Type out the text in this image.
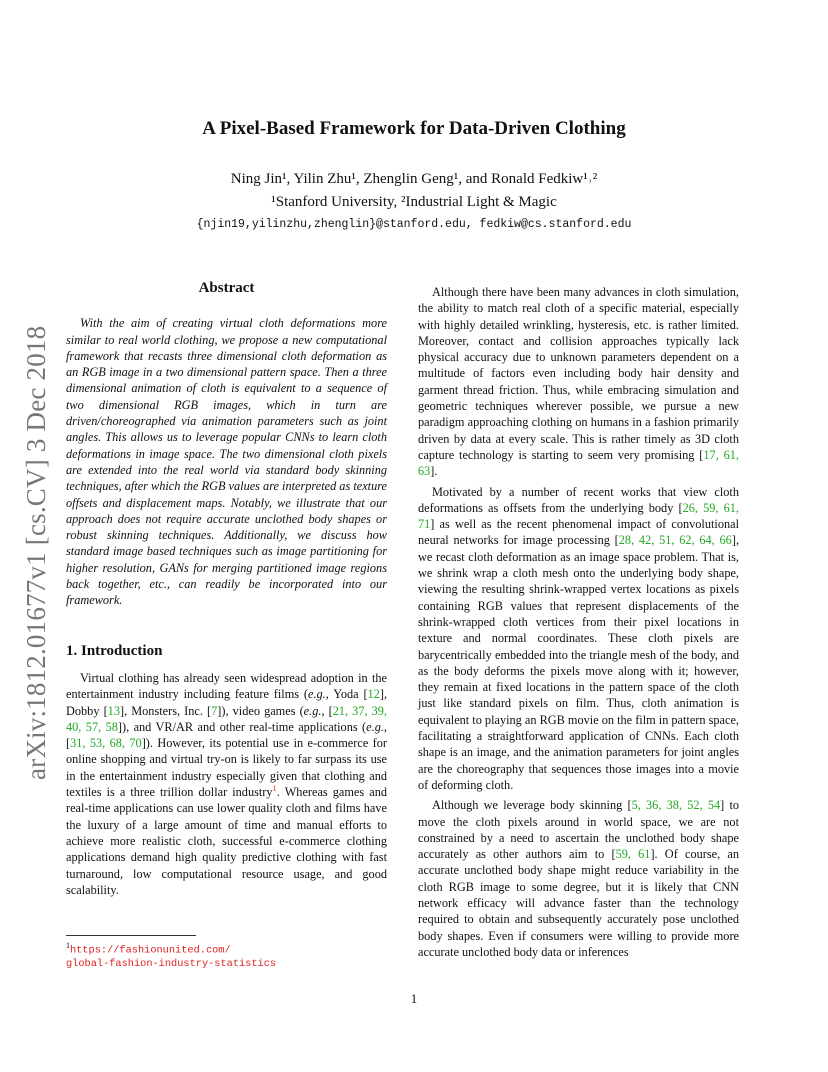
arXiv:1812.01677v1 [cs.CV] 3 Dec 2018
A Pixel-Based Framework for Data-Driven Clothing
Ning Jin¹, Yilin Zhu¹, Zhenglin Geng¹, and Ronald Fedkiw¹˒²
¹Stanford University, ²Industrial Light & Magic
{njin19,yilinzhu,zhenglin}@stanford.edu, fedkiw@cs.stanford.edu
Abstract

With the aim of creating virtual cloth deformations more similar to real world clothing, we propose a new computational framework that recasts three dimensional cloth deformation as an RGB image in a two dimensional pattern space. Then a three dimensional animation of cloth is equivalent to a sequence of two dimensional RGB images, which in turn are driven/choreographed via animation parameters such as joint angles. This allows us to leverage popular CNNs to learn cloth deformations in image space. The two dimensional cloth pixels are extended into the real world via standard body skinning techniques, after which the RGB values are interpreted as texture offsets and displacement maps. Notably, we illustrate that our approach does not require accurate unclothed body shapes or robust skinning techniques. Additionally, we discuss how standard image based techniques such as image partitioning for higher resolution, GANs for merging partitioned image regions back together, etc., can readily be incorporated into our framework.

1. Introduction

Virtual clothing has already seen widespread adoption in the entertainment industry including feature films (e.g., Yoda [12], Dobby [13], Monsters, Inc. [7]), video games (e.g., [21, 37, 39, 40, 57, 58]), and VR/AR and other real-time applications (e.g., [31, 53, 68, 70]). However, its potential use in e-commerce for online shopping and virtual try-on is likely to far surpass its use in the entertainment industry especially given that clothing and textiles is a three trillion dollar industry$^1$. Whereas games and real-time applications can use lower quality cloth and films have the luxury of a large amount of time and manual efforts to achieve more realistic cloth, successful e-commerce clothing applications demand high quality predictive clothing with fast turnaround, low computational resource usage, and good scalability.

Although there have been many advances in cloth simulation, the ability to match real cloth of a specific material, especially with highly detailed wrinkling, hysteresis, etc. is rather limited. Moreover, contact and collision approaches typically lack physical accuracy due to unknown parameters dependent on a multitude of factors even including body hair density and garment thread friction. Thus, while embracing simulation and geometric techniques wherever possible, we pursue a new paradigm approaching clothing on humans in a fashion primarily driven by data at every scale. This is rather timely as 3D cloth capture technology is starting to seem very promising [17, 61, 63].

Motivated by a number of recent works that view cloth deformations as offsets from the underlying body [26, 59, 61, 71] as well as the recent phenomenal impact of convolutional neural networks for image processing [28, 42, 51, 62, 64, 66], we recast cloth deformation as an image space problem. That is, we shrink wrap a cloth mesh onto the underlying body shape, viewing the resulting shrink-wrapped vertex locations as pixels containing RGB values that represent displacements of the shrink-wrapped cloth vertices from their pixel locations in texture and normal coordinates. These cloth pixels are barycentrically embedded into the triangle mesh of the body, and as the body deforms the pixels move along with it; however, they remain at fixed locations in the pattern space of the cloth just like standard pixels on film. Thus, cloth animation is equivalent to playing an RGB movie on the film in pattern space, facilitating a straightforward application of CNNs. Each cloth shape is an image, and the animation parameters for joint angles are the choreography that sequences those images into a movie of deforming cloth.

Although we leverage body skinning [5, 36, 38, 52, 54] to move the cloth pixels around in world space, we are not constrained by a need to ascertain the unclothed body shape accurately as other authors aim to [59, 61]. Of course, an accurate unclothed body shape might reduce variability in the cloth RGB image to some degree, but it is likely that CNN network efficacy will advance faster than the technology required to obtain and subsequently accurately pose unclothed body shapes. Even if consumers were willing to provide more accurate unclothed body data or inferences

$^1$https://fashionunited.com/
global-fashion-industry-statistics
1
